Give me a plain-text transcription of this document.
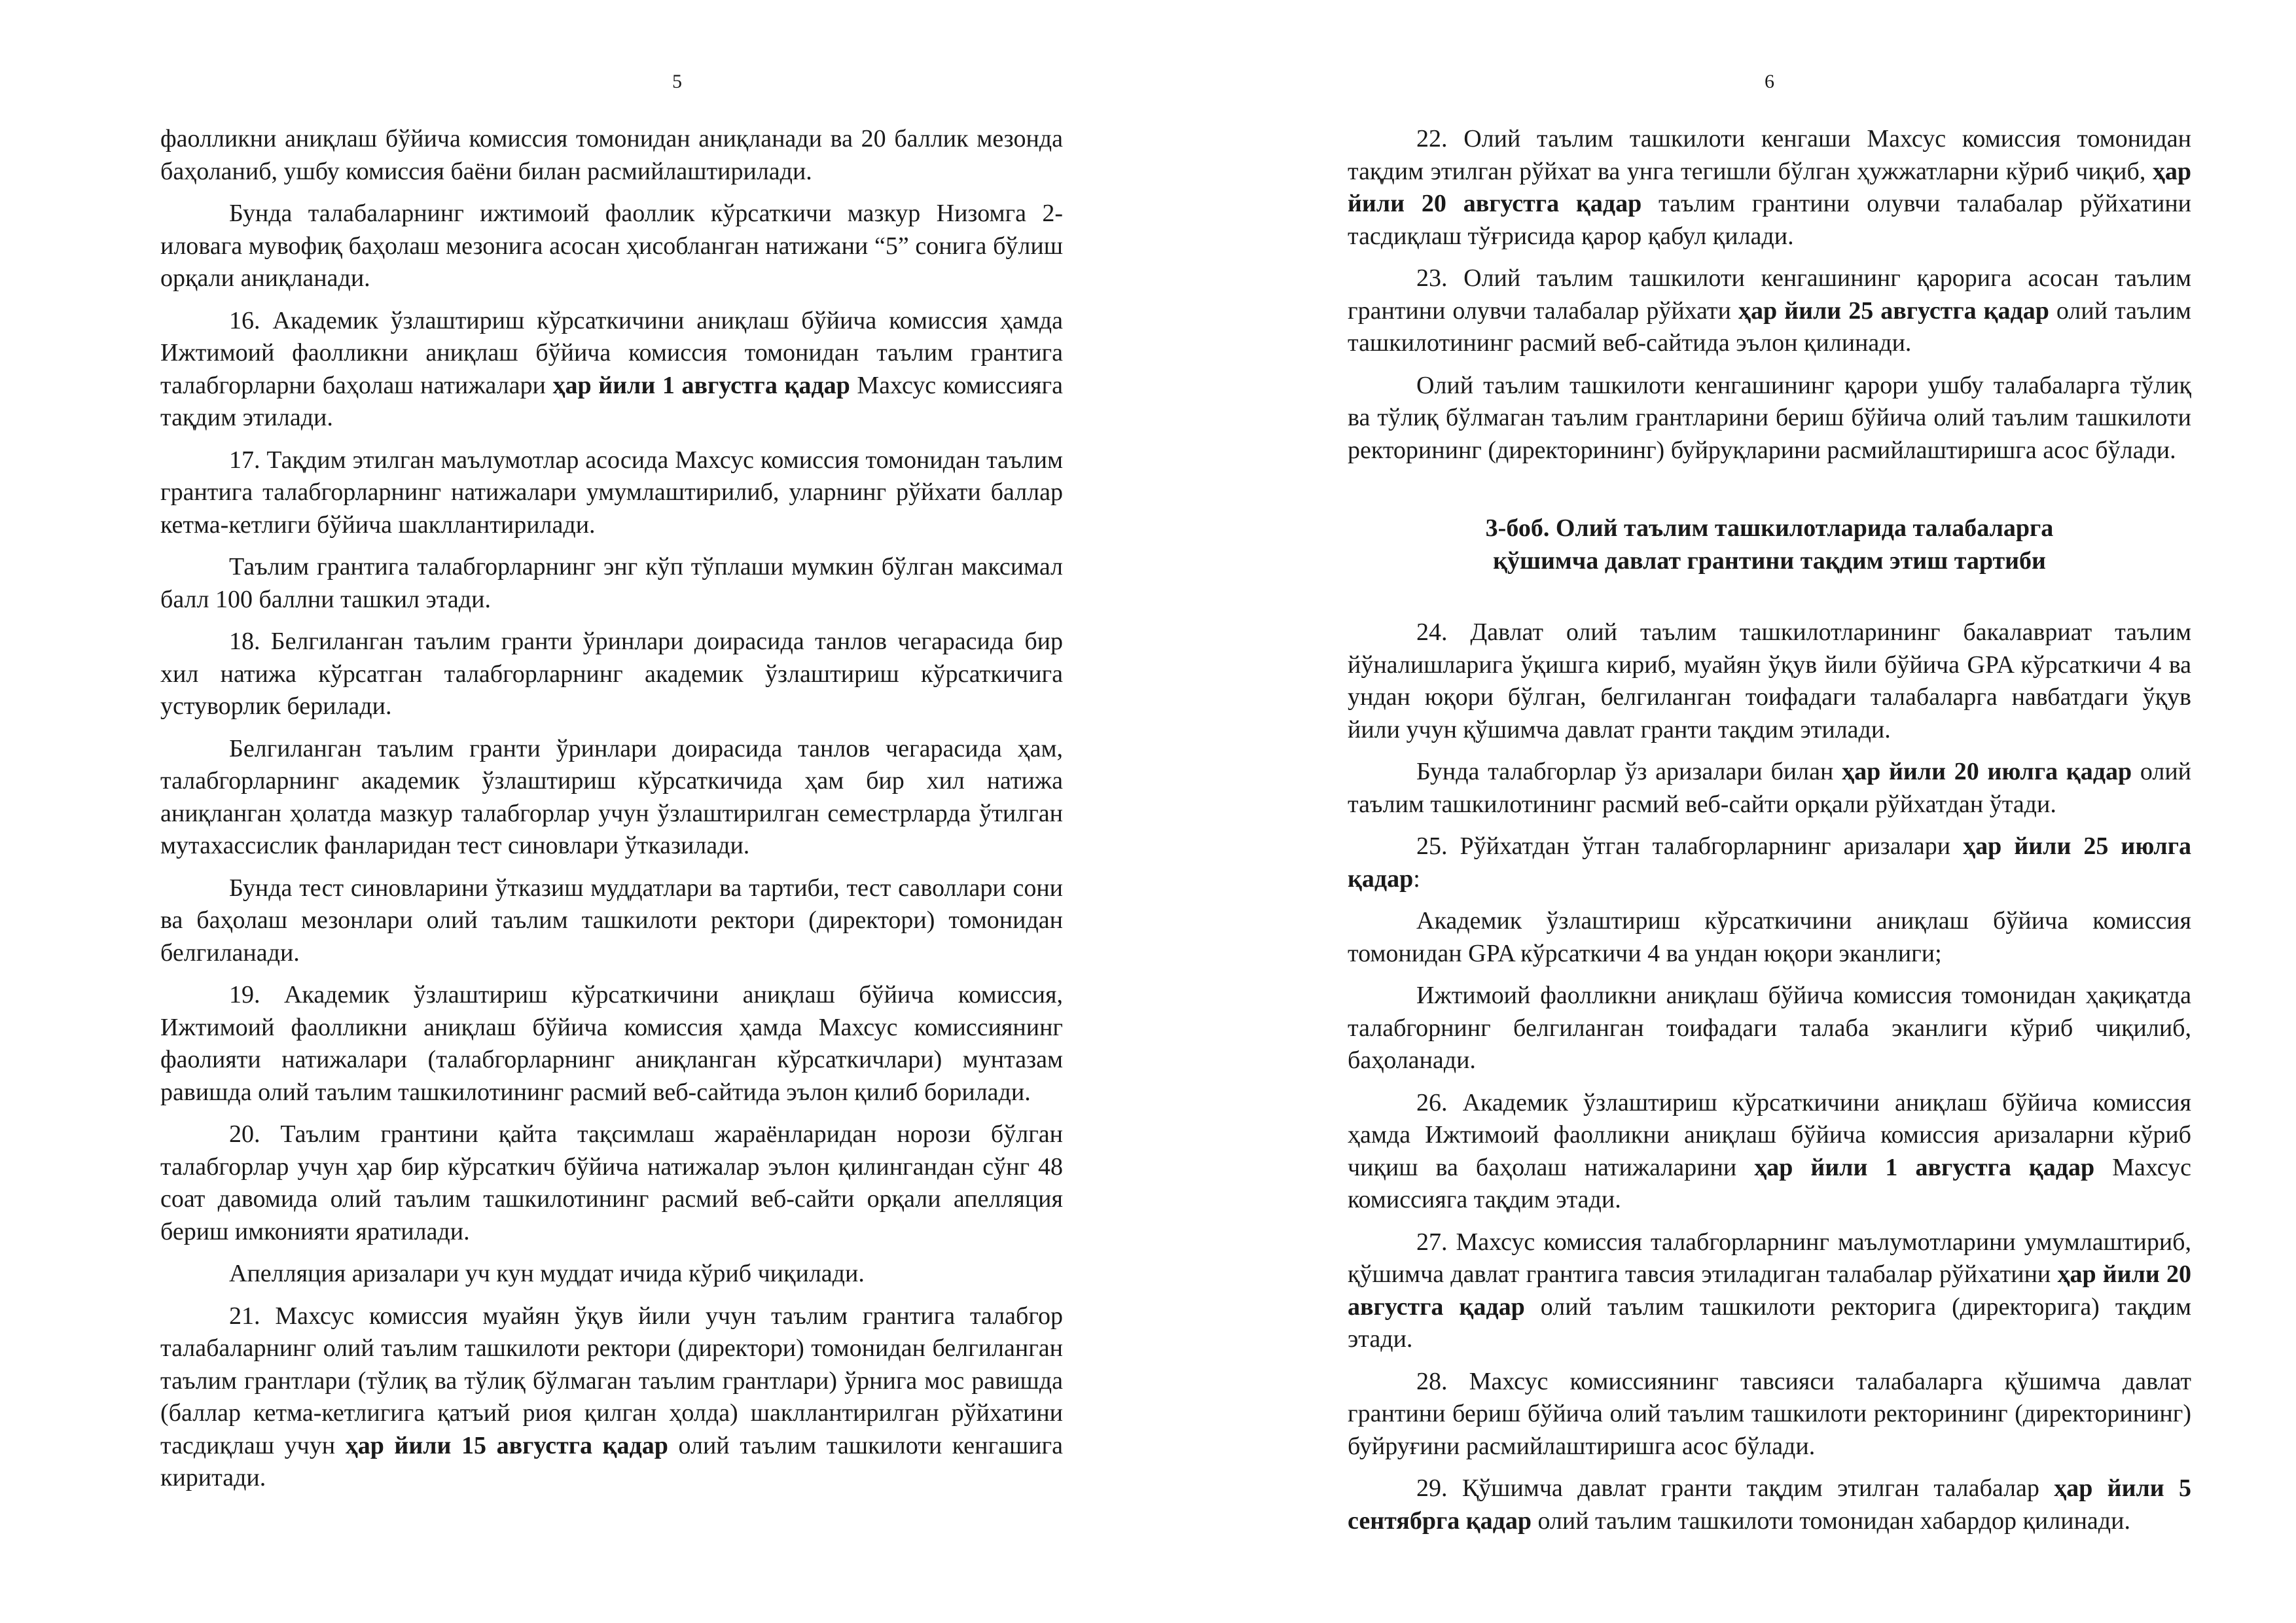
5

фаолликни аниқлаш бўйича комиссия томонидан аниқланади ва 20 баллик мезонда баҳоланиб, ушбу комиссия баёни билан расмийлаштирилади.

Бунда талабаларнинг ижтимоий фаоллик кўрсаткичи мазкур Низомга 2-иловага мувофиқ баҳолаш мезонига асосан ҳисобланган натижани “5” сонига бўлиш орқали аниқланади.

16. Академик ўзлаштириш кўрсаткичини аниқлаш бўйича комиссия ҳамда Ижтимоий фаолликни аниқлаш бўйича комиссия томонидан таълим грантига талабгорларни баҳолаш натижалари ҳар йили 1 августга қадар Махсус комиссияга тақдим этилади.

17. Тақдим этилган маълумотлар асосида Махсус комиссия томонидан таълим грантига талабгорларнинг натижалари умумлаштирилиб, уларнинг рўйхати баллар кетма-кетлиги бўйича шакллантирилади.

Таълим грантига талабгорларнинг энг кўп тўплаши мумкин бўлган максимал балл 100 баллни ташкил этади.

18. Белгиланган таълим гранти ўринлари доирасида танлов чегарасида бир хил натижа кўрсатган талабгорларнинг академик ўзлаштириш кўрсаткичига устуворлик берилади.

Белгиланган таълим гранти ўринлари доирасида танлов чегарасида ҳам, талабгорларнинг академик ўзлаштириш кўрсаткичида ҳам бир хил натижа аниқланган ҳолатда мазкур талабгорлар учун ўзлаштирилган семестрларда ўтилган мутахассислик фанларидан тест синовлари ўтказилади.

Бунда тест синовларини ўтказиш муддатлари ва тартиби, тест саволлари сони ва баҳолаш мезонлари олий таълим ташкилоти ректори (директори) томонидан белгиланади.

19. Академик ўзлаштириш кўрсаткичини аниқлаш бўйича комиссия, Ижтимоий фаолликни аниқлаш бўйича комиссия ҳамда Махсус комиссиянинг фаолияти натижалари (талабгорларнинг аниқланган кўрсаткичлари) мунтазам равишда олий таълим ташкилотининг расмий веб-сайтида эълон қилиб борилади.

20. Таълим грантини қайта тақсимлаш жараёнларидан норози бўлган талабгорлар учун ҳар бир кўрсаткич бўйича натижалар эълон қилингандан сўнг 48 соат давомида олий таълим ташкилотининг расмий веб-сайти орқали апелляция бериш имконияти яратилади.

Апелляция аризалари уч кун муддат ичида кўриб чиқилади.

21. Махсус комиссия муайян ўқув йили учун таълим грантига талабгор талабаларнинг олий таълим ташкилоти ректори (директори) томонидан белгиланган таълим грантлари (тўлиқ ва тўлиқ бўлмаган таълим грантлари) ўрнига мос равишда (баллар кетма-кетлигига қатъий риоя қилган ҳолда) шакллантирилган рўйхатини тасдиқлаш учун ҳар йили 15 августга қадар олий таълим ташкилоти кенгашига киритади.

6

22. Олий таълим ташкилоти кенгаши Махсус комиссия томонидан тақдим этилган рўйхат ва унга тегишли бўлган ҳужжатларни кўриб чиқиб, ҳар йили 20 августга қадар таълим грантини олувчи талабалар рўйхатини тасдиқлаш тўғрисида қарор қабул қилади.

23. Олий таълим ташкилоти кенгашининг қарорига асосан таълим грантини олувчи талабалар рўйхати ҳар йили 25 августга қадар олий таълим ташкилотининг расмий веб-сайтида эълон қилинади.

Олий таълим ташкилоти кенгашининг қарори ушбу талабаларга тўлиқ ва тўлиқ бўлмаган таълим грантларини бериш бўйича олий таълим ташкилоти ректорининг (директорининг) буйруқларини расмийлаштиришга асос бўлади.

3-боб. Олий таълим ташкилотларида талабаларга
қўшимча давлат грантини тақдим этиш тартиби

24. Давлат олий таълим ташкилотларининг бакалавриат таълим йўналишларига ўқишга кириб, муайян ўқув йили бўйича GPA кўрсаткичи 4 ва ундан юқори бўлган, белгиланган тоифадаги талабаларга навбатдаги ўқув йили учун қўшимча давлат гранти тақдим этилади.

Бунда талабгорлар ўз аризалари билан ҳар йили 20 июлга қадар олий таълим ташкилотининг расмий веб-сайти орқали рўйхатдан ўтади.

25. Рўйхатдан ўтган талабгорларнинг аризалари ҳар йили 25 июлга қадар:

Академик ўзлаштириш кўрсаткичини аниқлаш бўйича комиссия томонидан GPA кўрсаткичи 4 ва ундан юқори эканлиги;

Ижтимоий фаолликни аниқлаш бўйича комиссия томонидан ҳақиқатда талабгорнинг белгиланган тоифадаги талаба эканлиги кўриб чиқилиб, баҳоланади.

26. Академик ўзлаштириш кўрсаткичини аниқлаш бўйича комиссия ҳамда Ижтимоий фаолликни аниқлаш бўйича комиссия аризаларни кўриб чиқиш ва баҳолаш натижаларини ҳар йили 1 августга қадар Махсус комиссияга тақдим этади.

27. Махсус комиссия талабгорларнинг маълумотларини умумлаштириб, қўшимча давлат грантига тавсия этиладиган талабалар рўйхатини ҳар йили 20 августга қадар олий таълим ташкилоти ректорига (директорига) тақдим этади.

28. Махсус комиссиянинг тавсияси талабаларга қўшимча давлат грантини бериш бўйича олий таълим ташкилоти ректорининг (директорининг) буйруғини расмийлаштиришга асос бўлади.

29. Қўшимча давлат гранти тақдим этилган талабалар ҳар йили 5 сентябрга қадар олий таълим ташкилоти томонидан хабардор қилинади.
